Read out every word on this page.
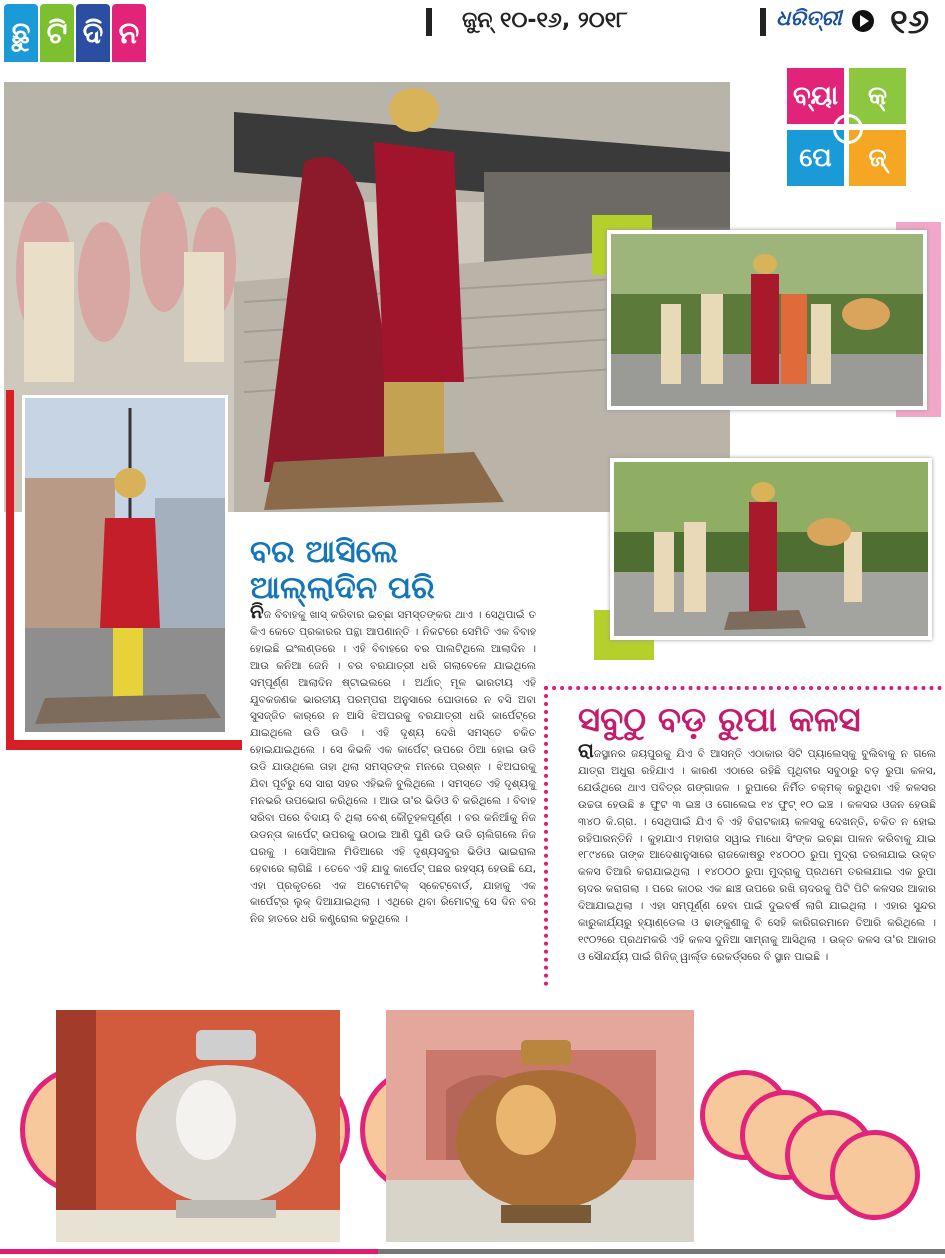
ଛୁ ଟି ଦି ନ	ଜୁନ୍ ୧୦-୧୬, ୨୦୧୮	ଧରିତ୍ରୀ ୧୬
ବ୍ୟା	କ୍
ପେ	ଜ୍
ବର ଆସିଲେ
ଆଲ୍ଲାଦିନ ପରି

ନିଜ ବିବାହକୁ ଖାସ୍ କରିବାର ଇଚ୍ଛା ସମସ୍ତଙ୍କର ଥାଏ । ସେଥିପାଇଁ ତ କିଏ କେତେ ପ୍ରକାରର ପନ୍ଥା ଆପଣାନ୍ତି । ନିକଟରେ ସେମିତି ଏକ ବିବାହ ହୋଇଛି ଇଂଲଣ୍ଡରେ । ଏହି ବିବାହରେ ବର ପାଲଟିଥିଲେ ଆଲାଦିନ । ଆଉ କନିଆ ଜେନି । ବର ବରଯାତ୍ରୀ ଧରି ଗଲାବେଳେ ଯାଇଥିଲେ ସମ୍ପୂର୍ଣ୍ଣ ଆଲାଦିନ ଷ୍ଟାଇଲରେ । ଅର୍ଥାତ୍ ମୂଳ ଭାରତୀୟ ଏହି ଯୁବକଜଣକ ଭାରତୀୟ ପରମ୍ପରା ଅନୁସାରେ ଘୋଡାରେ ନ ବସି ଅବା ସୁସଜ୍ଜିତ କାର୍‌ରେ ନ ଆସି ଝିଅଘରକୁ ବରଯାତ୍ରୀ ଧରି କାର୍ପେଟ୍‌ରେ ଯାଇଥିଲେ ଉଡି ଉଡି । ଏହି ଦୃଶ୍ୟ ଦେଖି ସମସ୍ତେ ଚକିତ ହୋଇଯାଇଥିଲେ । ସେ କିଭଳି ଏକ କାର୍ପେଟ୍ ଉପରେ ଠିଆ ହୋଇ ଉଡି ଉଡି ଯାଉଥିଲେ ତାହା ଥିଲା ସମସ୍ତଙ୍କ ମନରେ ପ୍ରଶ୍ନ । ଝିଅଘରକୁ ଯିବା ପୂର୍ବରୁ ସେ ସାରା ସହର ଏହିଭଳି ବୁଲିଥିଲେ । ସମସ୍ତେ ଏହି ଦୃଶ୍ୟକୁ ମନଭରି ଉପଭୋଗ କରିଥିଲେ । ଆଉ ତା'ର ଭିଡିଓ ବି କରିଥିଲେ । ବିବାହ ସରିବା ପରେ ବିଦାୟ ବି ଥିଲା ବେଶ୍ କୌତୂହଳପୂର୍ଣ୍ଣ । ବର କନିଆଁକୁ ନିଜ ଉଡନ୍ତା କାର୍ପେଟ୍ ଉପରକୁ ଉଠାଇ ଆଣି ପୁଣି ଉଡି ଉଡି ଚାଲିଗଲେ ନିଜ ଘରକୁ । ସୋସିଆଲ ମିଡିଆରେ ଏହି ଦୃଶ୍ୟସବୁର ଭିଡିଓ ଭାଇରାଲ ହେବାରେ ଲାଗିଛି । ତେବେ ଏହି ଯାଦୁ କାର୍ପେଟ୍ ପଛର ରହସ୍ୟ ହେଉଛି ଯେ, ଏହା ପ୍ରକୃତରେ ଏକ ଅଟୋମେଟିକ୍ ସ୍କେଟ୍‌ବୋର୍ଡ, ଯାହାକୁ ଏକ କାର୍ପେଟ୍‌ର ଲୁକ୍ ଦିଆଯାଇଥିଲା । ଏଥିରେ ଥିବା ରିମୋଟ୍‌କୁ ସେ ଦିନ ବର ନିଜ ହାତରେ ଧରି କଣ୍ଟ୍ରୋଲ କରୁଥିଲେ ।

ସବୁଠୁ ବଡ଼ ରୁପା କଳସ

ରାଜସ୍ଥାନର ଜୟପୁରକୁ ଯିଏ ବି ଆସନ୍ତି ଏଠାକାର ସିଟି ପ୍ୟାଲେସ୍‌କୁ ବୁଲିବାକୁ ନ ଗଲେ ଯାତ୍ରା ଅଧୁରା ରହିଯାଏ । କାରଣ ଏଠାରେ ରହିଛି ପୃଥିବୀର ସବୁଠାରୁ ବଡ଼ ରୁପା କଳସ, ଯେଉଁଥିରେ ଥାଏ ପବିତ୍ର ଗଙ୍ଗାଜଳ । ରୁପାରେ ନିର୍ମିତ ଚକ୍‌ମକ୍ କରୁଥିବା ଏହି କଳସର ଉଚ୍ଚତା ହେଉଛି ୫ ଫୁଟ ୩ ଇଞ୍ଚ ଓ ଗୋଲେଇ ୧୪ ଫୁଟ୍ ୧୦ ଇଞ୍ଚ । କଳସର ଓଜନ ହେଉଛି ୩୪୦ କି.ଗ୍ରା. । ସେଥିପାଇଁ ଯିଏ ବି ଏହି ବିରାଟକାୟ କଳସକୁ ଦେଖନ୍ତି, ଚକିତ ନ ହୋଇ ରହିପାରନ୍ତିନି । କୁହାଯାଏ ମହାରାଜ ସୱାଇ ମାଧୋ ସିଂଙ୍କ ଇଚ୍ଛା ପାଳନ କରିବାକୁ ଯାଇ ୧୮୯୪ରେ ତାଙ୍କ ଆଦେଶାନୁସାରେ ରାଜକୋଷରୁ ୧୪୦୦୦ ରୁପା ମୁଦ୍ରା ତରଳାଯାଇ ଉକ୍ତ କଳସ ତିଆରି କରାଯାଇଥିଲା । ୧୪୦୦୦ ରୁପା ମୁଦ୍ରାକୁ ପ୍ରଥମେ ତରଳାଯାଇ ଏକ ରୁପା ଚାଦର କରାଗଲା । ପରେ କାଠର ଏକ ଛାଞ୍ଚ ଉପରେ ରଖି ଚାଦରକୁ ପିଟି ପିଟି କଳସର ଆକାର ଦିଆଯାଇଥିଲା । ଏହା ସମ୍ପୂର୍ଣ୍ଣ ହେବା ପାଇଁ ଦୁଇବର୍ଷ ଲାଗି ଯାଇଥିଲା । ଏହାର ସୁନ୍ଦର କାରୁକାର୍ଯ୍ୟରୁ ହ୍ୟାଣ୍ଡେଲ ଓ ଢାଙ୍କୁଣୀକୁ ବି ସେହି କାରିଗରମାନେ ତିଆରି କରିଥିଲେ । ୧୯୦୨ରେ ପ୍ରଥମକରି ଏହି କଳସ ଦୁନିଆ ସାମ୍ନାକୁ ଆସିଥିଲା । ଉକ୍ତ କଳସ ତା'ର ଆକାର ଓ ସୌନ୍ଦର୍ଯ୍ୟ ପାଇଁ ଗିନିଜ୍ ୱାର୍ଲ୍ଡ ରେକର୍ଡ୍ସରେ ବି ସ୍ଥାନ ପାଇଛି ।
